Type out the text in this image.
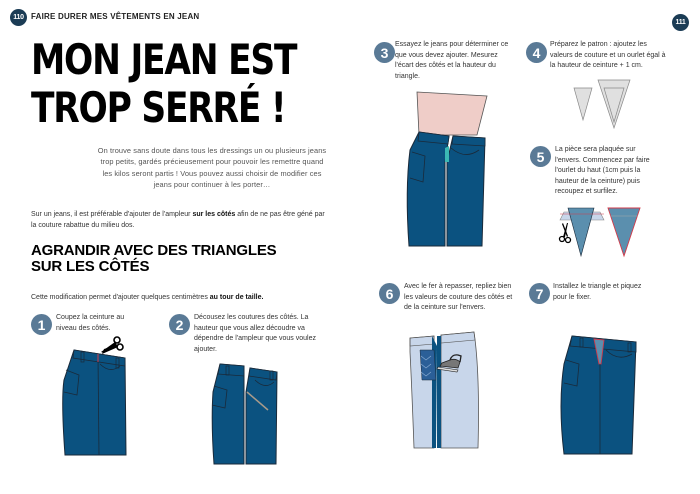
110 FAIRE DURER MES VÊTEMENTS EN JEAN
MON JEAN EST
TROP SERRÉ !
On trouve sans doute dans tous les dressings un ou plusieurs jeans trop petits, gardés précieusement pour pouvoir les remettre quand les kilos seront partis ! Vous pouvez aussi choisir de modifier ces jeans pour continuer à les porter…
Sur un jeans, il est préférable d'ajouter de l'ampleur sur les côtés afin de ne pas être géné par la couture rabattue du milieu dos.
AGRANDIR AVEC DES TRIANGLES
SUR LES CÔTÉS
Cette modification permet d'ajouter quelques centimètres au tour de taille.
1	Coupez la ceinture au niveau des côtés.	2	Décousez les coutures des côtés. La hauteur que vous allez découdre va dépendre de l'ampleur que vous voulez ajouter.
111
3 Essayez le jeans pour déterminer ce que vous devez ajouter. Mesurez l'écart des côtés et la hauteur du triangle.
4	Préparez le patron : ajoutez les valeurs de couture et un ourlet égal à la hauteur de ceinture + 1 cm.
5	La pièce sera plaquée sur l'envers. Commencez par faire l'ourlet du haut (1cm puis la hauteur de la ceinture) puis recoupez et surfilez.
6	Avec le fer à repasser, repliez bien les valeurs de couture des côtés et de la ceinture sur l'envers.
7	Installez le triangle et piquez pour le fixer.
